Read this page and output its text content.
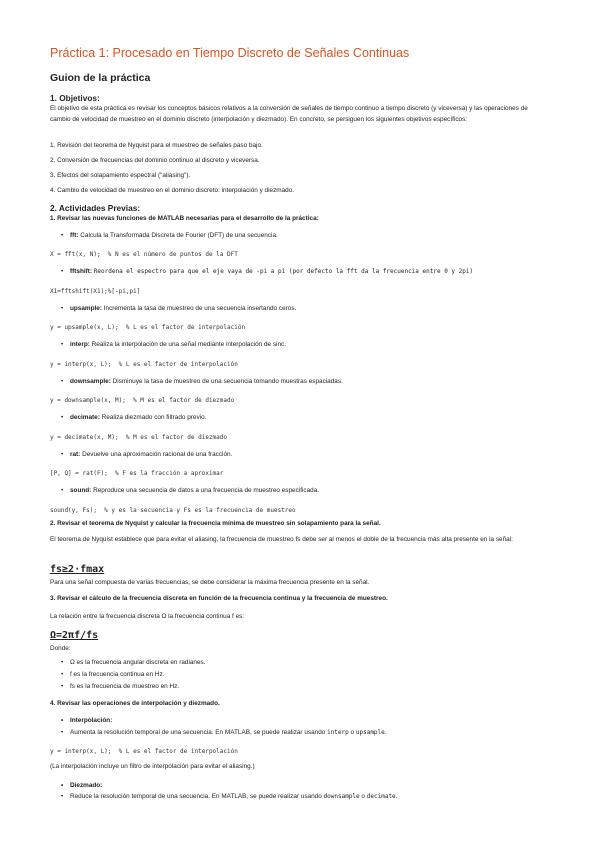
Práctica 1: Procesado en Tiempo Discreto de Señales Continuas
Guion de la práctica
1. Objetivos:

El objetivo de esta práctica es revisar los conceptos básicos relativos a la conversión de señales de tiempo continuo a tiempo discreto (y viceversa) y las operaciones de cambio de velocidad de muestreo en el dominio discreto (interpolación y diezmado). En concreto, se persiguen los siguientes objetivos específicos:

1. Revisión del teorema de Nyquist para el muestreo de señales paso bajo.

2. Conversión de frecuencias del dominio continuo al discreto y viceversa.

3. Efectos del solapamiento espectral ("aliasing").

4. Cambio de velocidad de muestreo en el dominio discreto: interpolación y diezmado.

2. Actividades Previas:

1. Revisar las nuevas funciones de MATLAB necesarias para el desarrollo de la práctica:

• fft: Calcula la Transformada Discreta de Fourier (DFT) de una secuencia.

X = fft(x, N);  % N es el número de puntos de la DFT

• fftshift: Reordena el espectro para que el eje vaya de -pi a pi (por defecto la fft da la frecuencia entre 0 y 2pi)

X1=fftshift(X1);%[-pi,pi]

• upsample: Incrementa la tasa de muestreo de una secuencia insertando ceros.

y = upsample(x, L);  % L es el factor de interpolación

• interp: Realiza la interpolación de una señal mediante interpolación de sinc.

y = interp(x, L);  % L es el factor de interpolación

• downsample: Disminuye la tasa de muestreo de una secuencia tomando muestras espaciadas.

y = downsample(x, M);  % M es el factor de diezmado

• decimate: Realiza diezmado con filtrado previo.

y = decimate(x, M);  % M es el factor de diezmado

• rat: Devuelve una aproximación racional de una fracción.

[P, Q] = rat(F);  % F es la fracción a aproximar

• sound: Reproduce una secuencia de datos a una frecuencia de muestreo especificada.

sound(y, Fs);  % y es la secuencia y Fs es la frecuencia de muestreo

2. Revisar el teorema de Nyquist y calcular la frecuencia mínima de muestreo sin solapamiento para la señal.

El teorema de Nyquist establece que para evitar el aliasing, la frecuencia de muestreo fs debe ser al menos el doble de la frecuencia más alta presente en la señal:

fs≥2⋅fmax

Para una señal compuesta de varias frecuencias, se debe considerar la máxima frecuencia presente en la señal.

3. Revisar el cálculo de la frecuencia discreta en función de la frecuencia continua y la frecuencia de muestreo.

La relación entre la frecuencia discreta Ω la frecuencia continua f es:

Ω=2πf/fs

Donde:

• Ω es la frecuencia angular discreta en radianes.

• f es la frecuencia continua en Hz.

• fs es la frecuencia de muestreo en Hz.

4. Revisar las operaciones de interpolación y diezmado.

• Interpolación:

• Aumenta la resolución temporal de una secuencia. En MATLAB, se puede realizar usando interp o upsample.

y = interp(x, L);  % L es el factor de interpolación

(La interpolación incluye un filtro de interpolación para evitar el aliasing.)

• Diezmado:

• Reduce la resolución temporal de una secuencia. En MATLAB, se puede realizar usando downsample o decimate.
